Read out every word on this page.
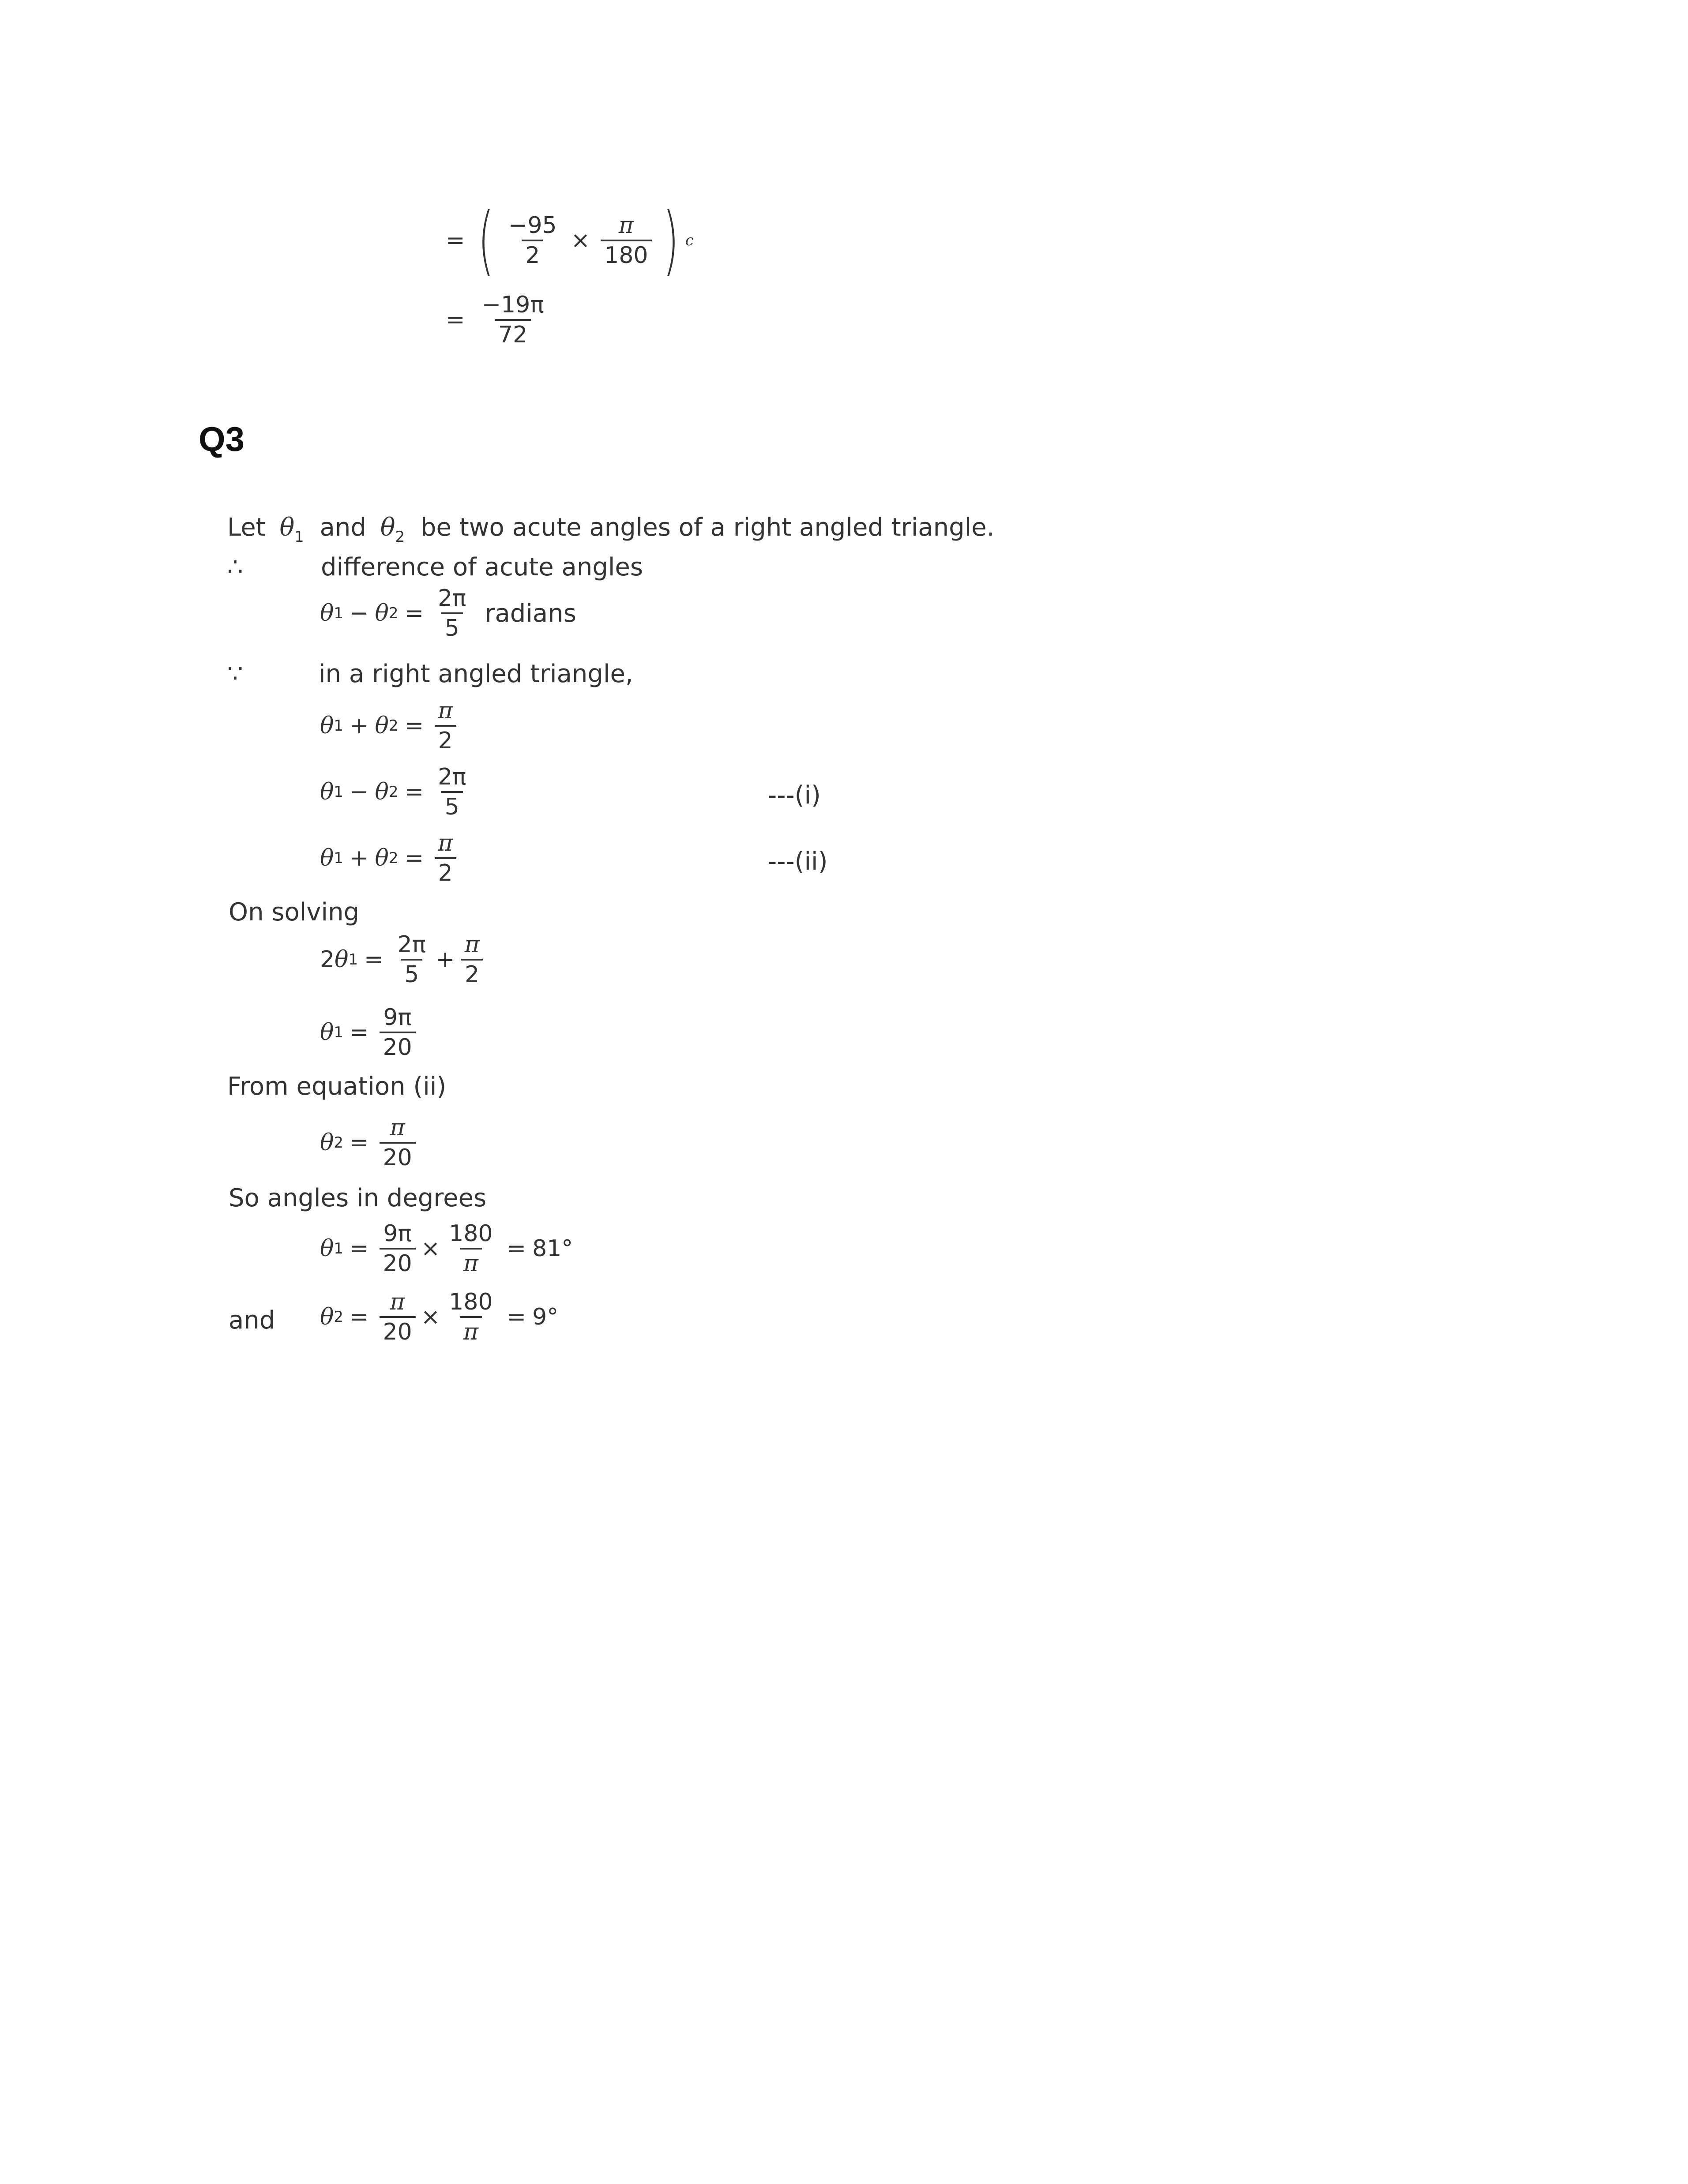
= ( $\frac{-95}{2} \times \frac{\pi}{180}$ ) c
= $\frac{-19\pi}{72}$
Q3
Let $\theta_1$ and $\theta_2$ be two acute angles of a right angled triangle.
∴	difference of acute angles
θ 1 − θ $2 = \frac{2\pi}{5}$ radians
∵	in a right angled triangle,
θ 1 + θ $2 = \frac{\pi}{2}$
θ 1 − θ $2 = \frac{2\pi}{5}$	---(i)
θ 1 + θ $2 = \frac{\pi}{2}$	---(ii)
On solving
2 θ $1 = \frac{2\pi}{5} + \frac{\pi}{2}$
θ $1 = \frac{9\pi}{20}$
From equation (ii)
θ $2 = \frac{\pi}{20}$
So angles in degrees
θ $1 = \frac{9\pi}{20} \times \frac{180}{\pi} = 81^\circ$
and θ $2 = \frac{\pi}{20} \times \frac{180}{\pi} = 9^\circ$
